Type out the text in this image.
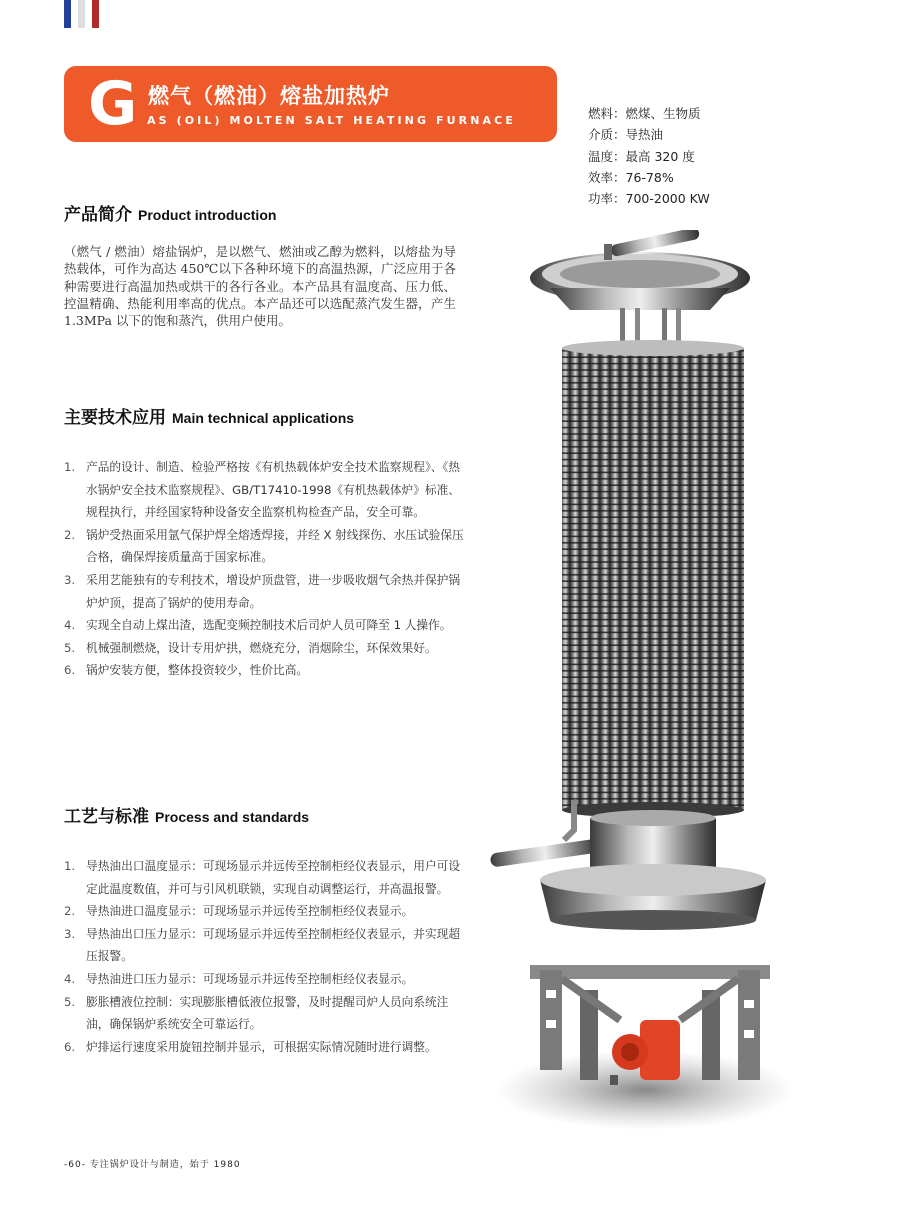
G 燃气（燃油）熔盐加热炉
AS (OIL) MOLTEN SALT HEATING FURNACE	燃料：燃煤、生物质
介质：导热油
温度：最高 320 度
效率：76-78%
功率：700-2000 KW
产品简介 Product introduction
（燃气 / 燃油）熔盐锅炉，是以燃气、燃油或乙醇为燃料，以熔盐为导热载体，可作为高达 450℃以下各种环境下的高温热源，广泛应用于各种需要进行高温加热或烘干的各行各业。本产品具有温度高、压力低、控温精确、热能利用率高的优点。本产品还可以选配蒸汽发生器，产生 1.3MPa 以下的饱和蒸汽，供用户使用。
主要技术应用 Main technical applications
1. 产品的设计、制造、检验严格按《有机热载体炉安全技术监察规程》、《热水锅炉安全技术监察规程》、GB/T17410-1998《有机热载体炉》标准、规程执行，并经国家特种设备安全监察机构检查产品，安全可靠。
2. 锅炉受热面采用氩气保护焊全熔透焊接，并经 X 射线探伤、水压试验保压合格，确保焊接质量高于国家标准。
3. 采用艺能独有的专利技术，增设炉顶盘管，进一步吸收烟气余热并保护锅炉炉顶，提高了锅炉的使用寿命。
4. 实现全自动上煤出渣，选配变频控制技术后司炉人员可降至 1 人操作。
5. 机械强制燃烧，设计专用炉拱，燃烧充分，消烟除尘，环保效果好。
6. 锅炉安装方便，整体投资较少，性价比高。
工艺与标准 Process and standards
1. 导热油出口温度显示：可现场显示并远传至控制柜经仪表显示，用户可设定此温度数值，并可与引风机联锁，实现自动调整运行，并高温报警。
2. 导热油进口温度显示：可现场显示并远传至控制柜经仪表显示。
3. 导热油出口压力显示：可现场显示并远传至控制柜经仪表显示，并实现超压报警。
4. 导热油进口压力显示：可现场显示并远传至控制柜经仪表显示。
5. 膨胀槽液位控制：实现膨胀槽低液位报警，及时提醒司炉人员向系统注油，确保锅炉系统安全可靠运行。
6. 炉排运行速度采用旋钮控制并显示，可根据实际情况随时进行调整。
-60- 专注锅炉设计与制造，始于 1980
